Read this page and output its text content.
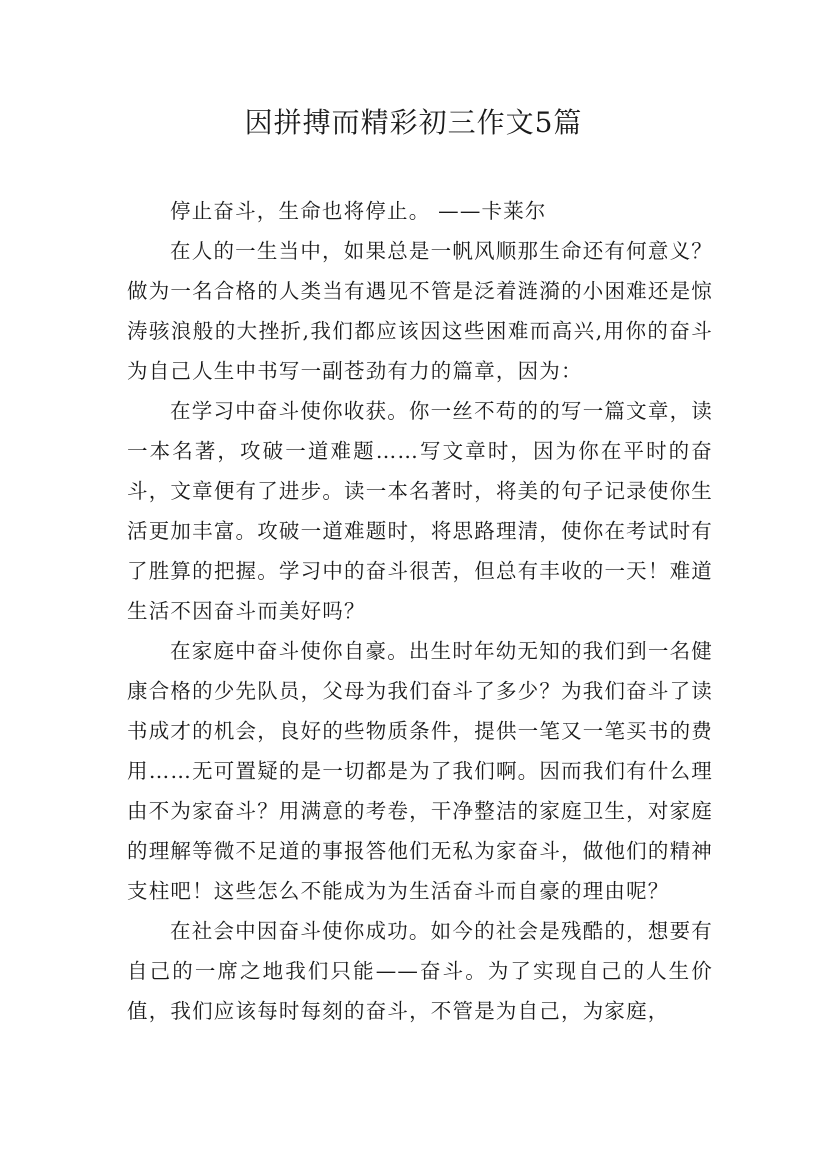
因拼搏而精彩初三作文5篇

停止奋斗，生命也将停止。 ——卡莱尔

在人的一生当中，如果总是一帆风顺那生命还有何意义？做为一名合格的人类当有遇见不管是泛着涟漪的小困难还是惊涛骇浪般的大挫折,我们都应该因这些困难而高兴,用你的奋斗为自己人生中书写一副苍劲有力的篇章，因为：

在学习中奋斗使你收获。你一丝不苟的的写一篇文章，读一本名著，攻破一道难题……写文章时，因为你在平时的奋斗，文章便有了进步。读一本名著时，将美的句子记录使你生活更加丰富。攻破一道难题时，将思路理清，使你在考试时有了胜算的把握。学习中的奋斗很苦，但总有丰收的一天！难道生活不因奋斗而美好吗？

在家庭中奋斗使你自豪。出生时年幼无知的我们到一名健康合格的少先队员，父母为我们奋斗了多少？为我们奋斗了读书成才的机会，良好的些物质条件，提供一笔又一笔买书的费用……无可置疑的是一切都是为了我们啊。因而我们有什么理由不为家奋斗？用满意的考卷，干净整洁的家庭卫生，对家庭的理解等微不足道的事报答他们无私为家奋斗，做他们的精神支柱吧！这些怎么不能成为为生活奋斗而自豪的理由呢？

在社会中因奋斗使你成功。如今的社会是残酷的，想要有自己的一席之地我们只能——奋斗。为了实现自己的人生价值，我们应该每时每刻的奋斗，不管是为自己，为家庭，
